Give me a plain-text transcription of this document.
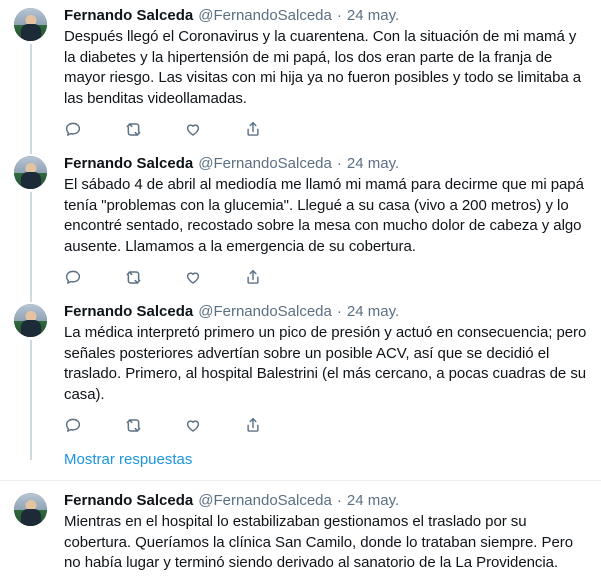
Fernando Salceda @FernandoSalceda · 24 may.
Después llegó el Coronavirus y la cuarentena. Con la situación de mi mamá y la diabetes y la hipertensión de mi papá, los dos eran parte de la franja de mayor riesgo. Las visitas con mi hija ya no fueron posibles y todo se limitaba a las benditas videollamadas.
Fernando Salceda @FernandoSalceda · 24 may.
El sábado 4 de abril al mediodía me llamó mi mamá para decirme que mi papá tenía "problemas con la glucemia". Llegué a su casa (vivo a 200 metros) y lo encontré sentado, recostado sobre la mesa con mucho dolor de cabeza y algo ausente. Llamamos a la emergencia de su cobertura.
Fernando Salceda @FernandoSalceda · 24 may.
La médica interpretó primero un pico de presión y actuó en consecuencia; pero señales posteriores advertían sobre un posible ACV, así que se decidió el traslado. Primero, al hospital Balestrini (el más cercano, a pocas cuadras de su casa).
Mostrar respuestas
Fernando Salceda @FernandoSalceda · 24 may.
Mientras en el hospital lo estabilizaban gestionamos el traslado por su cobertura. Queríamos la clínica San Camilo, donde lo trataban siempre. Pero no había lugar y terminó siendo derivado al sanatorio de la La Providencia.
